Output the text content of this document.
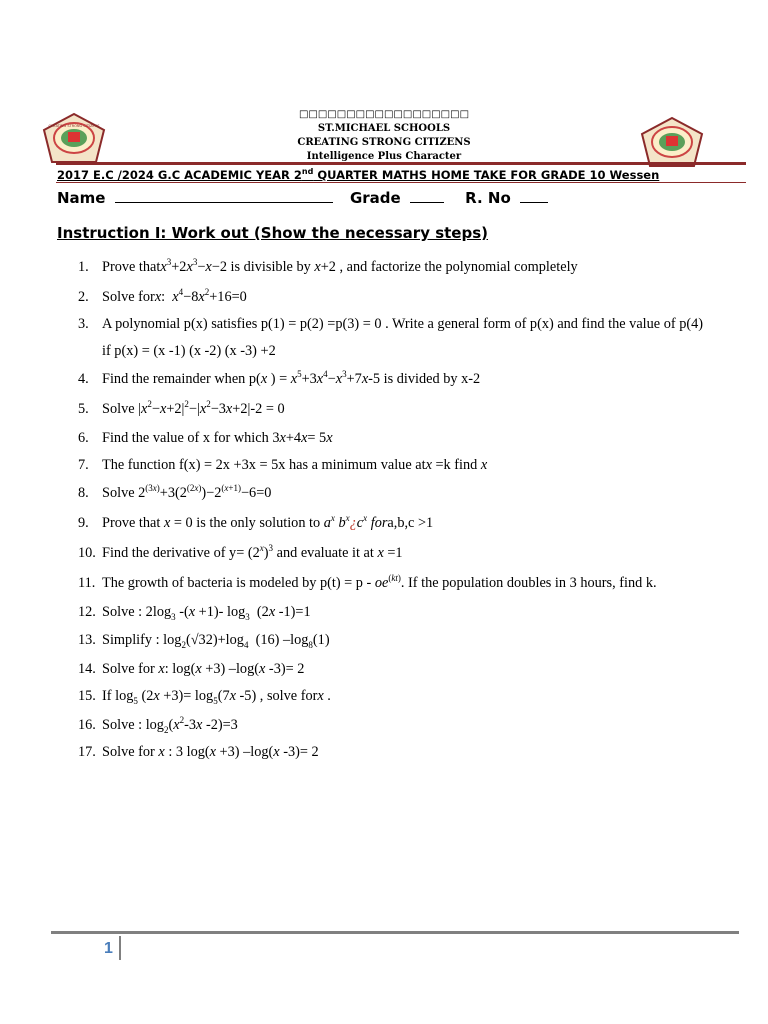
CREATING STRONG CITIZENS
□□□□□□□□□□□□□□□□□□
ST.MICHAEL SCHOOLS
CREATING STRONG CITIZENS
Intelligence Plus Character
2017 E.C /2024 G.C ACADEMIC YEAR 2nd QUARTER MATHS HOME TAKE FOR GRADE 10 Wessen
Name	Grade	R. No
Instruction I: Work out (Show the necessary steps)
1. Prove $thatx^3+2x^3-x-2$ is divisible by x+2 , and factorize the polynomial completely
2. Solve forx:  $x^4-8x^2+16=0$
3. A polynomial p(x) satisfies p(1) = p(2) =p(3) = 0 . Write a general form of p(x) and find the value of p(4)
if p(x) = (x -1) (x -2) (x -3) +2
4. Find the remainder when p(x ) = $x^5+3x^4-x^3+7x-5$ is divided by x-2
5. Solve $|x^2-x+2|^2-|x^2-3x+2|-2 = 0$
6. Find the value of x for which 3x+4x= 5x
7. The function f(x) = 2x +3x = 5x has a minimum value atx =k find x
8. Solve $2^{(3x)}+3(2^{(2x)})-2^{(x+1)}-6=0$
9. Prove that x = 0 is the only solution to $a^x$ $b^x¿c^x$ fora,b,c >1
10. Find the derivative of $y= (2^x)^3$ and evaluate it at x =1
11. The growth of bacteria is modeled by $p(t) = p - oe^{(kt)}$. If the population doubles in 3 hours, find k.
12. Solve : $2\log_3$ -(x +1)- $\log_3 (2x$ -1)=1
13. Simplify : $\log_2(√32)+\log_4$  (16) $-\log_8(1)$
14. Solve for x: log(x +3) –log(x -3)= 2
15. If $\log_5 (2x +3)= \log_5(7x$ -5) , solve forx .
16. Solve : $\log_2(x^2-3x$ -2)=3
17. Solve for x : 3 log(x +3) –log(x -3)= 2
1
